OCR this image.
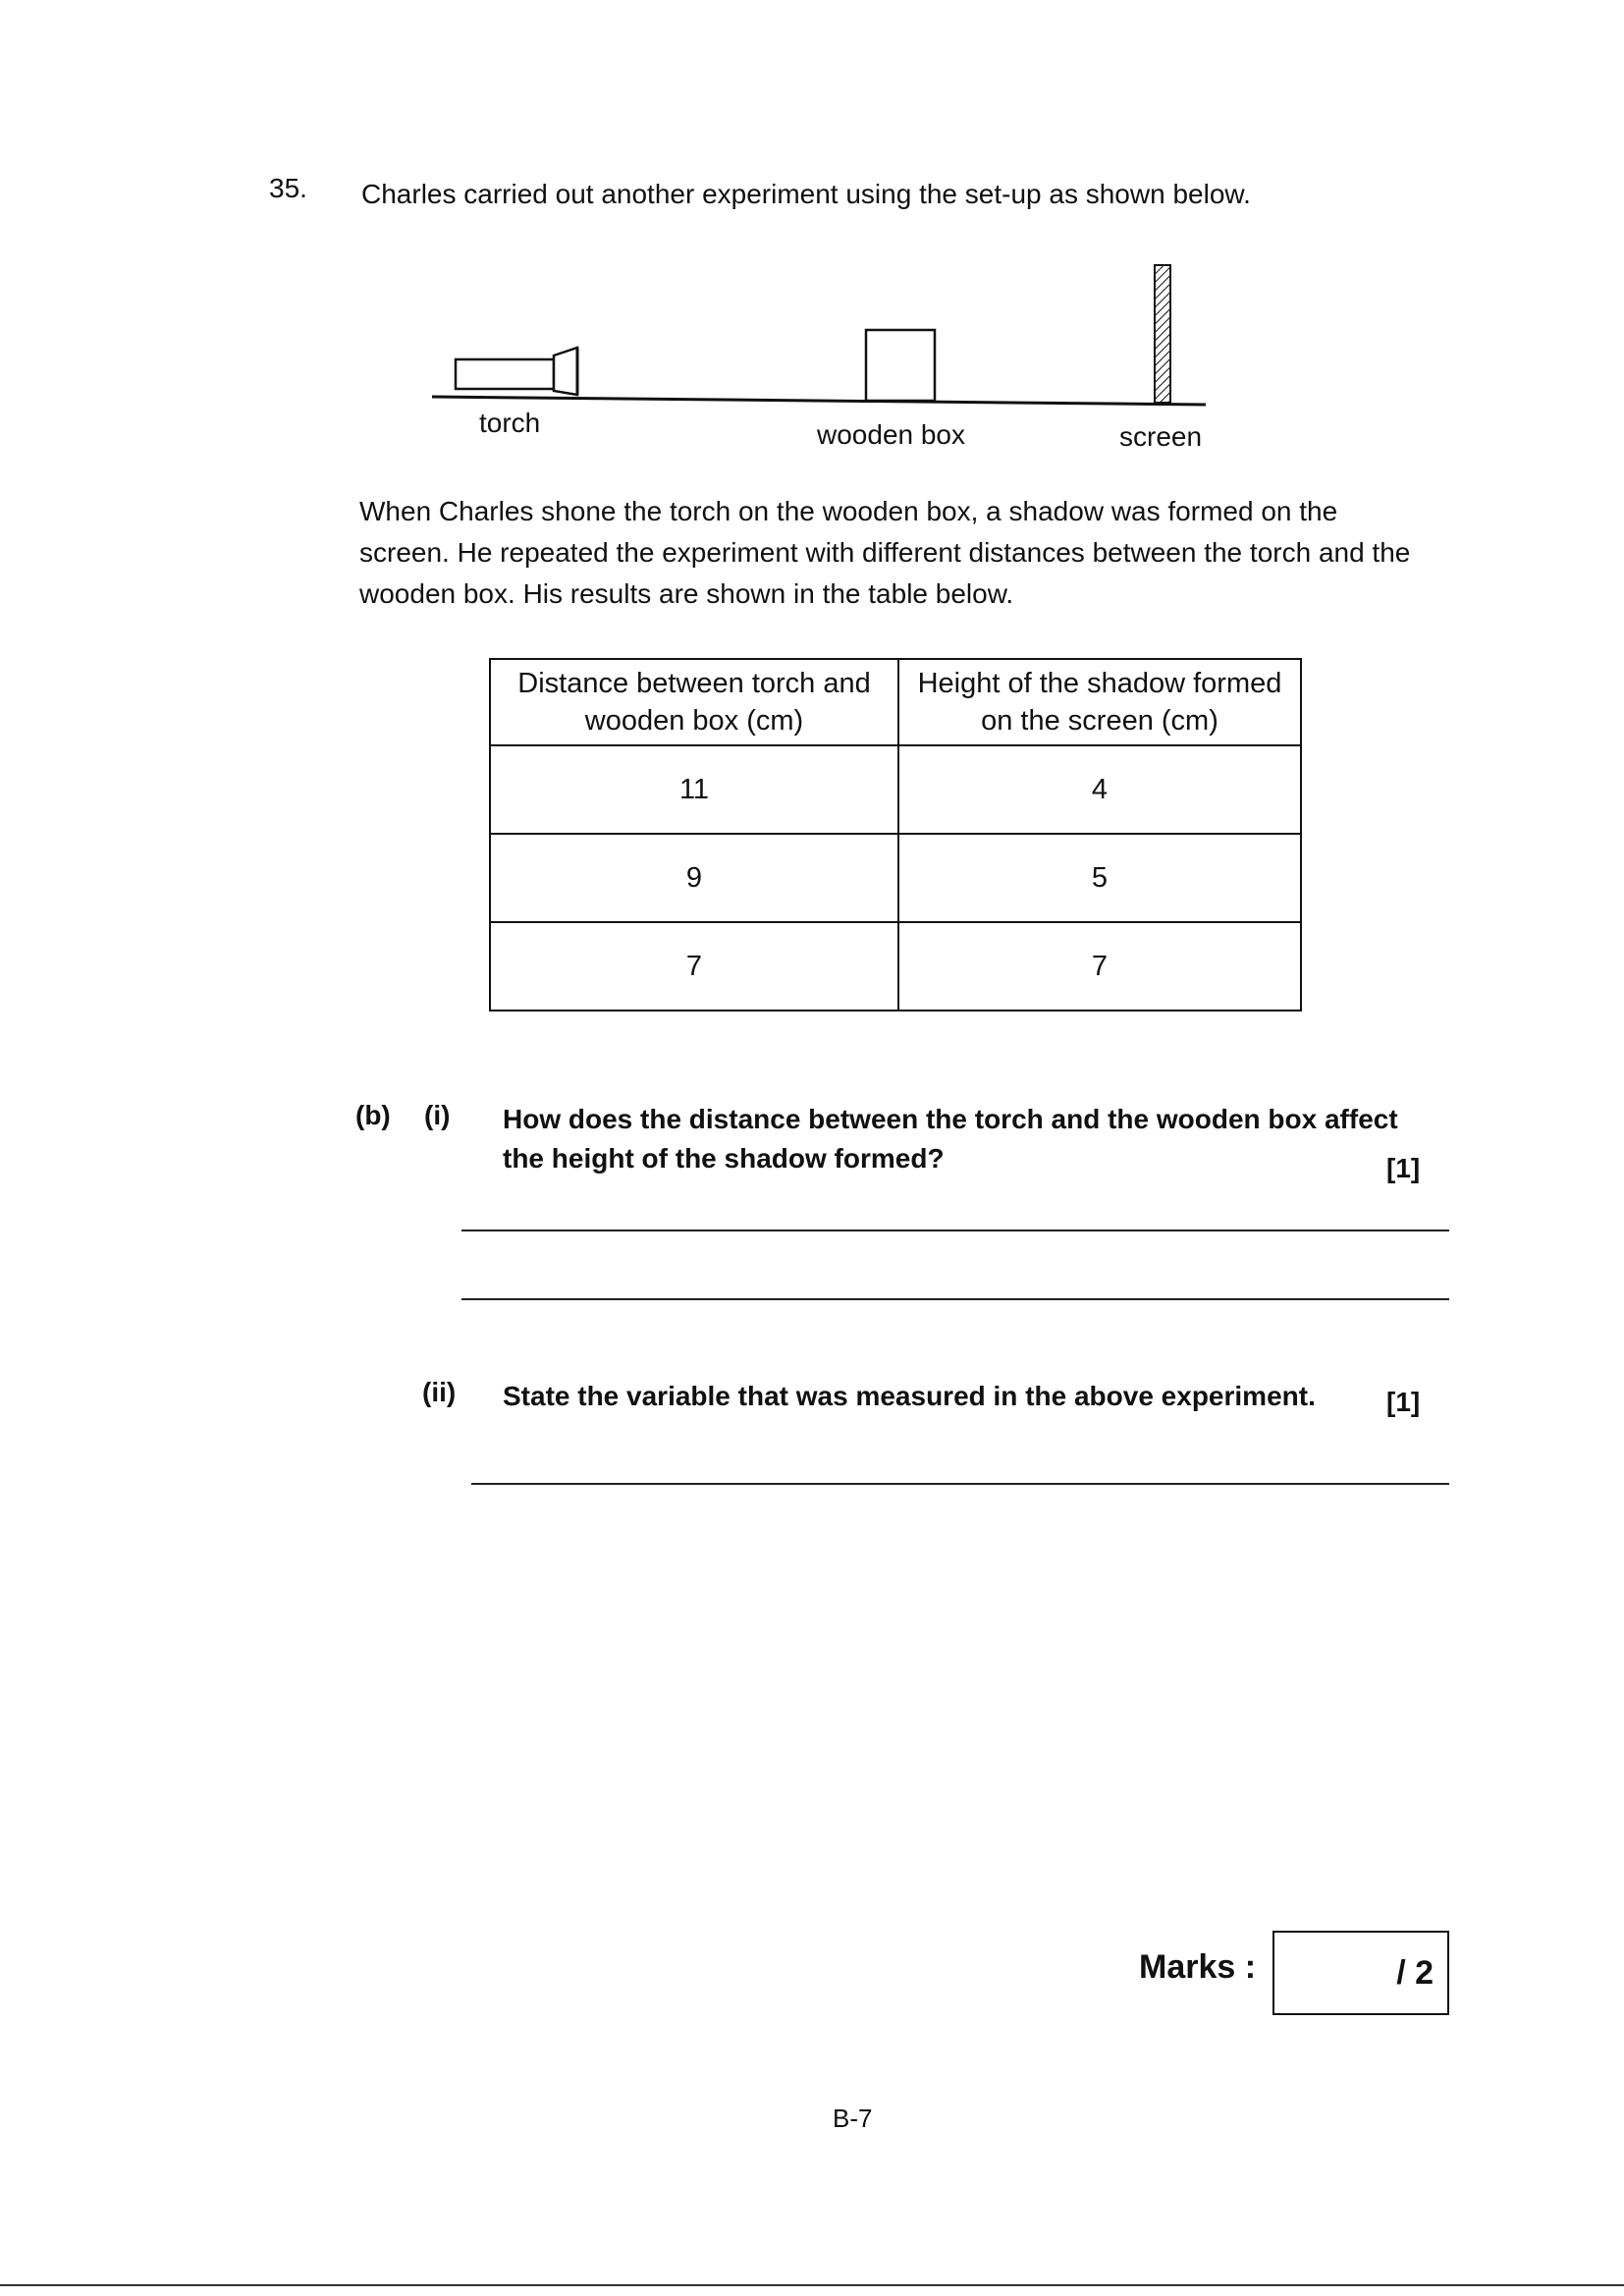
35. Charles carried out another experiment using the set-up as shown below.
torch	wooden box	screen
When Charles shone the torch on the wooden box, a shadow was formed on the screen. He repeated the experiment with different distances between the torch and the wooden box. His results are shown in the table below.
Distance between torch and wooden box (cm)	Height of the shadow formed on the screen (cm)
11	4
9	5
7	7
(b) (i) How does the distance between the torch and the wooden box affect the height of the shadow formed?	[1]
(ii) State the variable that was measured in the above experiment.	[1]
Marks :	/ 2
B-7
